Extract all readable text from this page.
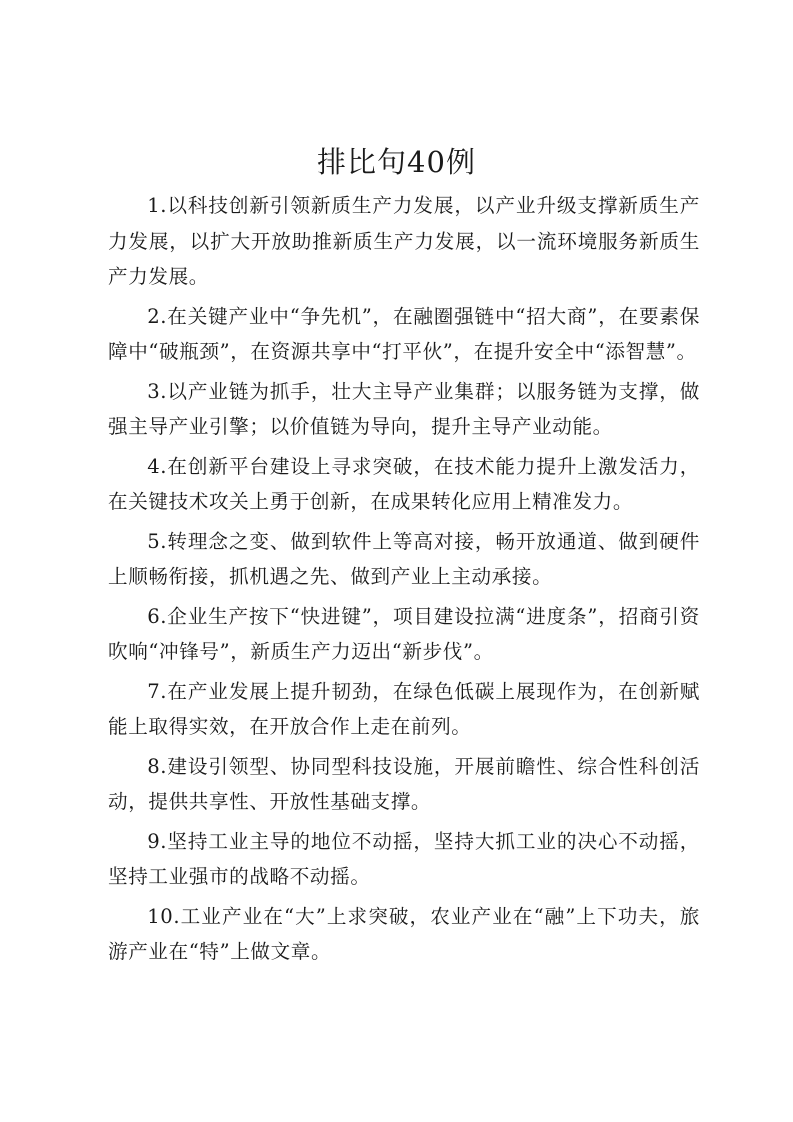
排比句40例

1.以科技创新引领新质生产力发展，以产业升级支撑新质生产力发展，以扩大开放助推新质生产力发展，以一流环境服务新质生产力发展。

2.在关键产业中“争先机”，在融圈强链中“招大商”，在要素保障中“破瓶颈”，在资源共享中“打平伙”，在提升安全中“添智慧”。

3.以产业链为抓手，壮大主导产业集群；以服务链为支撑，做强主导产业引擎；以价值链为导向，提升主导产业动能。

4.在创新平台建设上寻求突破，在技术能力提升上激发活力，在关键技术攻关上勇于创新，在成果转化应用上精准发力。

5.转理念之变、做到软件上等高对接，畅开放通道、做到硬件上顺畅衔接，抓机遇之先、做到产业上主动承接。

6.企业生产按下“快进键”，项目建设拉满“进度条”，招商引资吹响“冲锋号”，新质生产力迈出“新步伐”。

7.在产业发展上提升韧劲，在绿色低碳上展现作为，在创新赋能上取得实效，在开放合作上走在前列。

8.建设引领型、协同型科技设施，开展前瞻性、综合性科创活动，提供共享性、开放性基础支撑。

9.坚持工业主导的地位不动摇，坚持大抓工业的决心不动摇，坚持工业强市的战略不动摇。

10.工业产业在“大”上求突破，农业产业在“融”上下功夫，旅游产业在“特”上做文章。
